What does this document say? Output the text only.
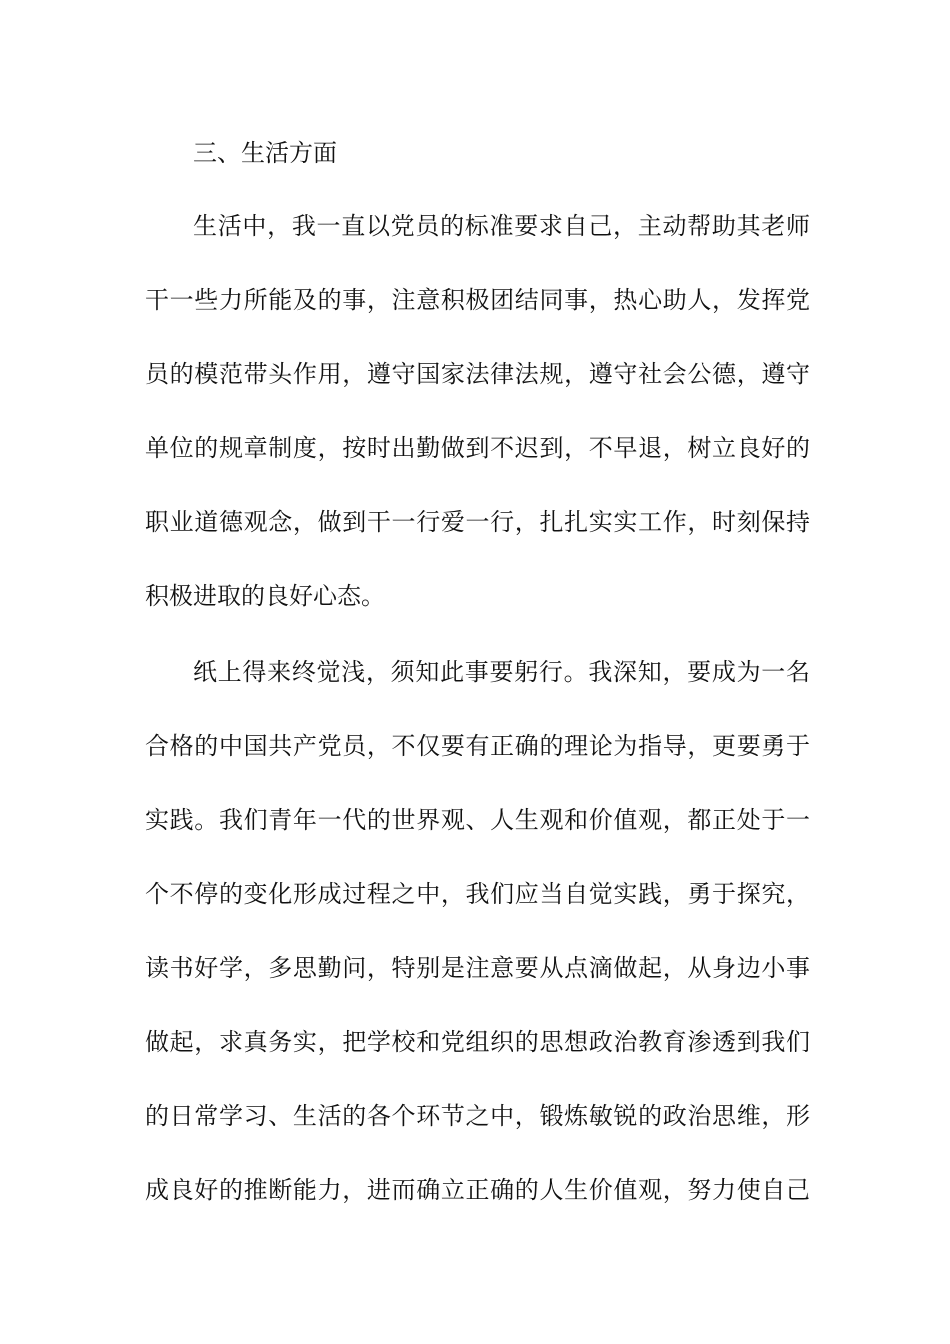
三、生活方面
生活中，我一直以党员的标准要求自己，主动帮助其老师
干一些力所能及的事，注意积极团结同事，热心助人，发挥党
员的模范带头作用，遵守国家法律法规，遵守社会公德，遵守
单位的规章制度，按时出勤做到不迟到，不早退，树立良好的
职业道德观念，做到干一行爱一行，扎扎实实工作，时刻保持
积极进取的良好心态。
纸上得来终觉浅，须知此事要躬行。我深知，要成为一名
合格的中国共产党员，不仅要有正确的理论为指导，更要勇于
实践。我们青年一代的世界观、人生观和价值观，都正处于一
个不停的变化形成过程之中，我们应当自觉实践，勇于探究，
读书好学，多思勤问，特别是注意要从点滴做起，从身边小事
做起，求真务实，把学校和党组织的思想政治教育渗透到我们
的日常学习、生活的各个环节之中，锻炼敏锐的政治思维，形
成良好的推断能力，进而确立正确的人生价值观，努力使自己
